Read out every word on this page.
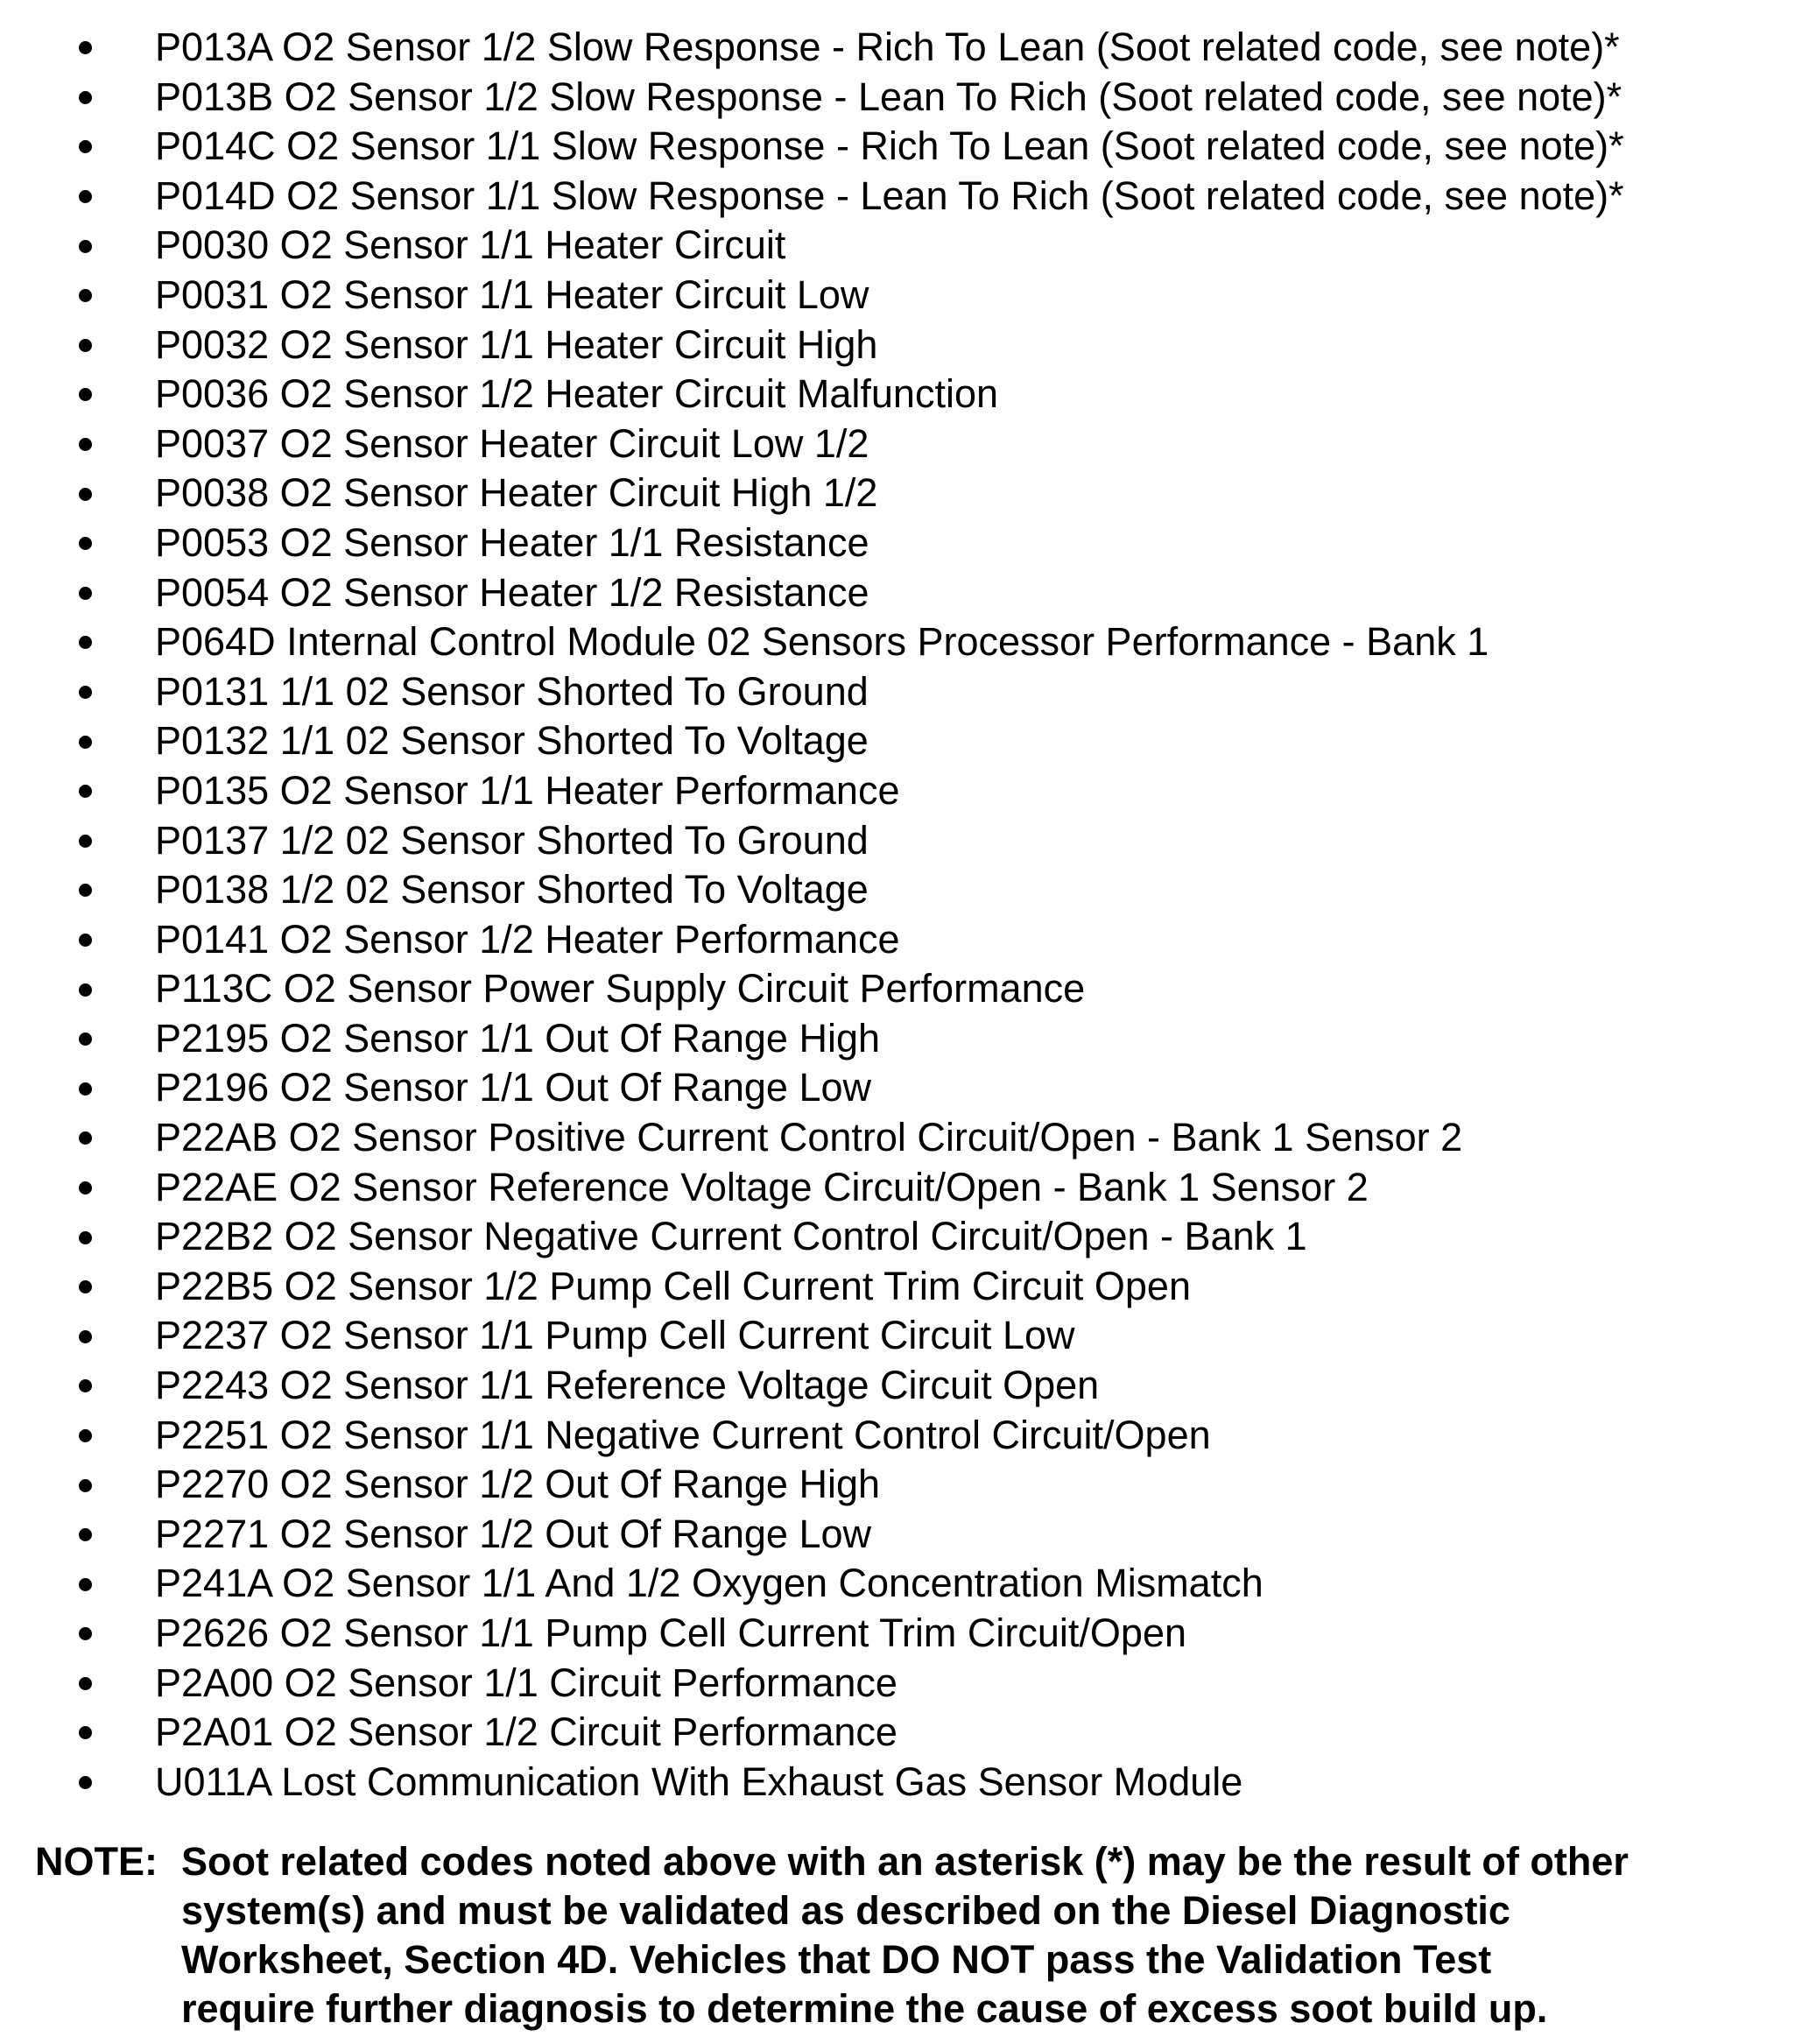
P013A O2 Sensor 1/2 Slow Response - Rich To Lean (Soot related code, see note)*
P013B O2 Sensor 1/2 Slow Response - Lean To Rich (Soot related code, see note)*
P014C O2 Sensor 1/1 Slow Response - Rich To Lean (Soot related code, see note)*
P014D O2 Sensor 1/1 Slow Response - Lean To Rich (Soot related code, see note)*
P0030 O2 Sensor 1/1 Heater Circuit
P0031 O2 Sensor 1/1 Heater Circuit Low
P0032 O2 Sensor 1/1 Heater Circuit High
P0036 O2 Sensor 1/2 Heater Circuit Malfunction
P0037 O2 Sensor Heater Circuit Low 1/2
P0038 O2 Sensor Heater Circuit High 1/2
P0053 O2 Sensor Heater 1/1 Resistance
P0054 O2 Sensor Heater 1/2 Resistance
P064D Internal Control Module 02 Sensors Processor Performance - Bank 1
P0131 1/1 02 Sensor Shorted To Ground
P0132 1/1 02 Sensor Shorted To Voltage
P0135 O2 Sensor 1/1 Heater Performance
P0137 1/2 02 Sensor Shorted To Ground
P0138 1/2 02 Sensor Shorted To Voltage
P0141 O2 Sensor 1/2 Heater Performance
P113C O2 Sensor Power Supply Circuit Performance
P2195 O2 Sensor 1/1 Out Of Range High
P2196 O2 Sensor 1/1 Out Of Range Low
P22AB O2 Sensor Positive Current Control Circuit/Open - Bank 1 Sensor 2
P22AE O2 Sensor Reference Voltage Circuit/Open - Bank 1 Sensor 2
P22B2 O2 Sensor Negative Current Control Circuit/Open - Bank 1
P22B5 O2 Sensor 1/2 Pump Cell Current Trim Circuit Open
P2237 O2 Sensor 1/1 Pump Cell Current Circuit Low
P2243 O2 Sensor 1/1 Reference Voltage Circuit Open
P2251 O2 Sensor 1/1 Negative Current Control Circuit/Open
P2270 O2 Sensor 1/2 Out Of Range High
P2271 O2 Sensor 1/2 Out Of Range Low
P241A O2 Sensor 1/1 And 1/2 Oxygen Concentration Mismatch
P2626 O2 Sensor 1/1 Pump Cell Current Trim Circuit/Open
P2A00 O2 Sensor 1/1 Circuit Performance
P2A01 O2 Sensor 1/2 Circuit Performance
U011A Lost Communication With Exhaust Gas Sensor Module
NOTE: Soot related codes noted above with an asterisk (*) may be the result of other
system(s) and must be validated as described on the Diesel Diagnostic
Worksheet, Section 4D. Vehicles that DO NOT pass the Validation Test
require further diagnosis to determine the cause of excess soot build up.
